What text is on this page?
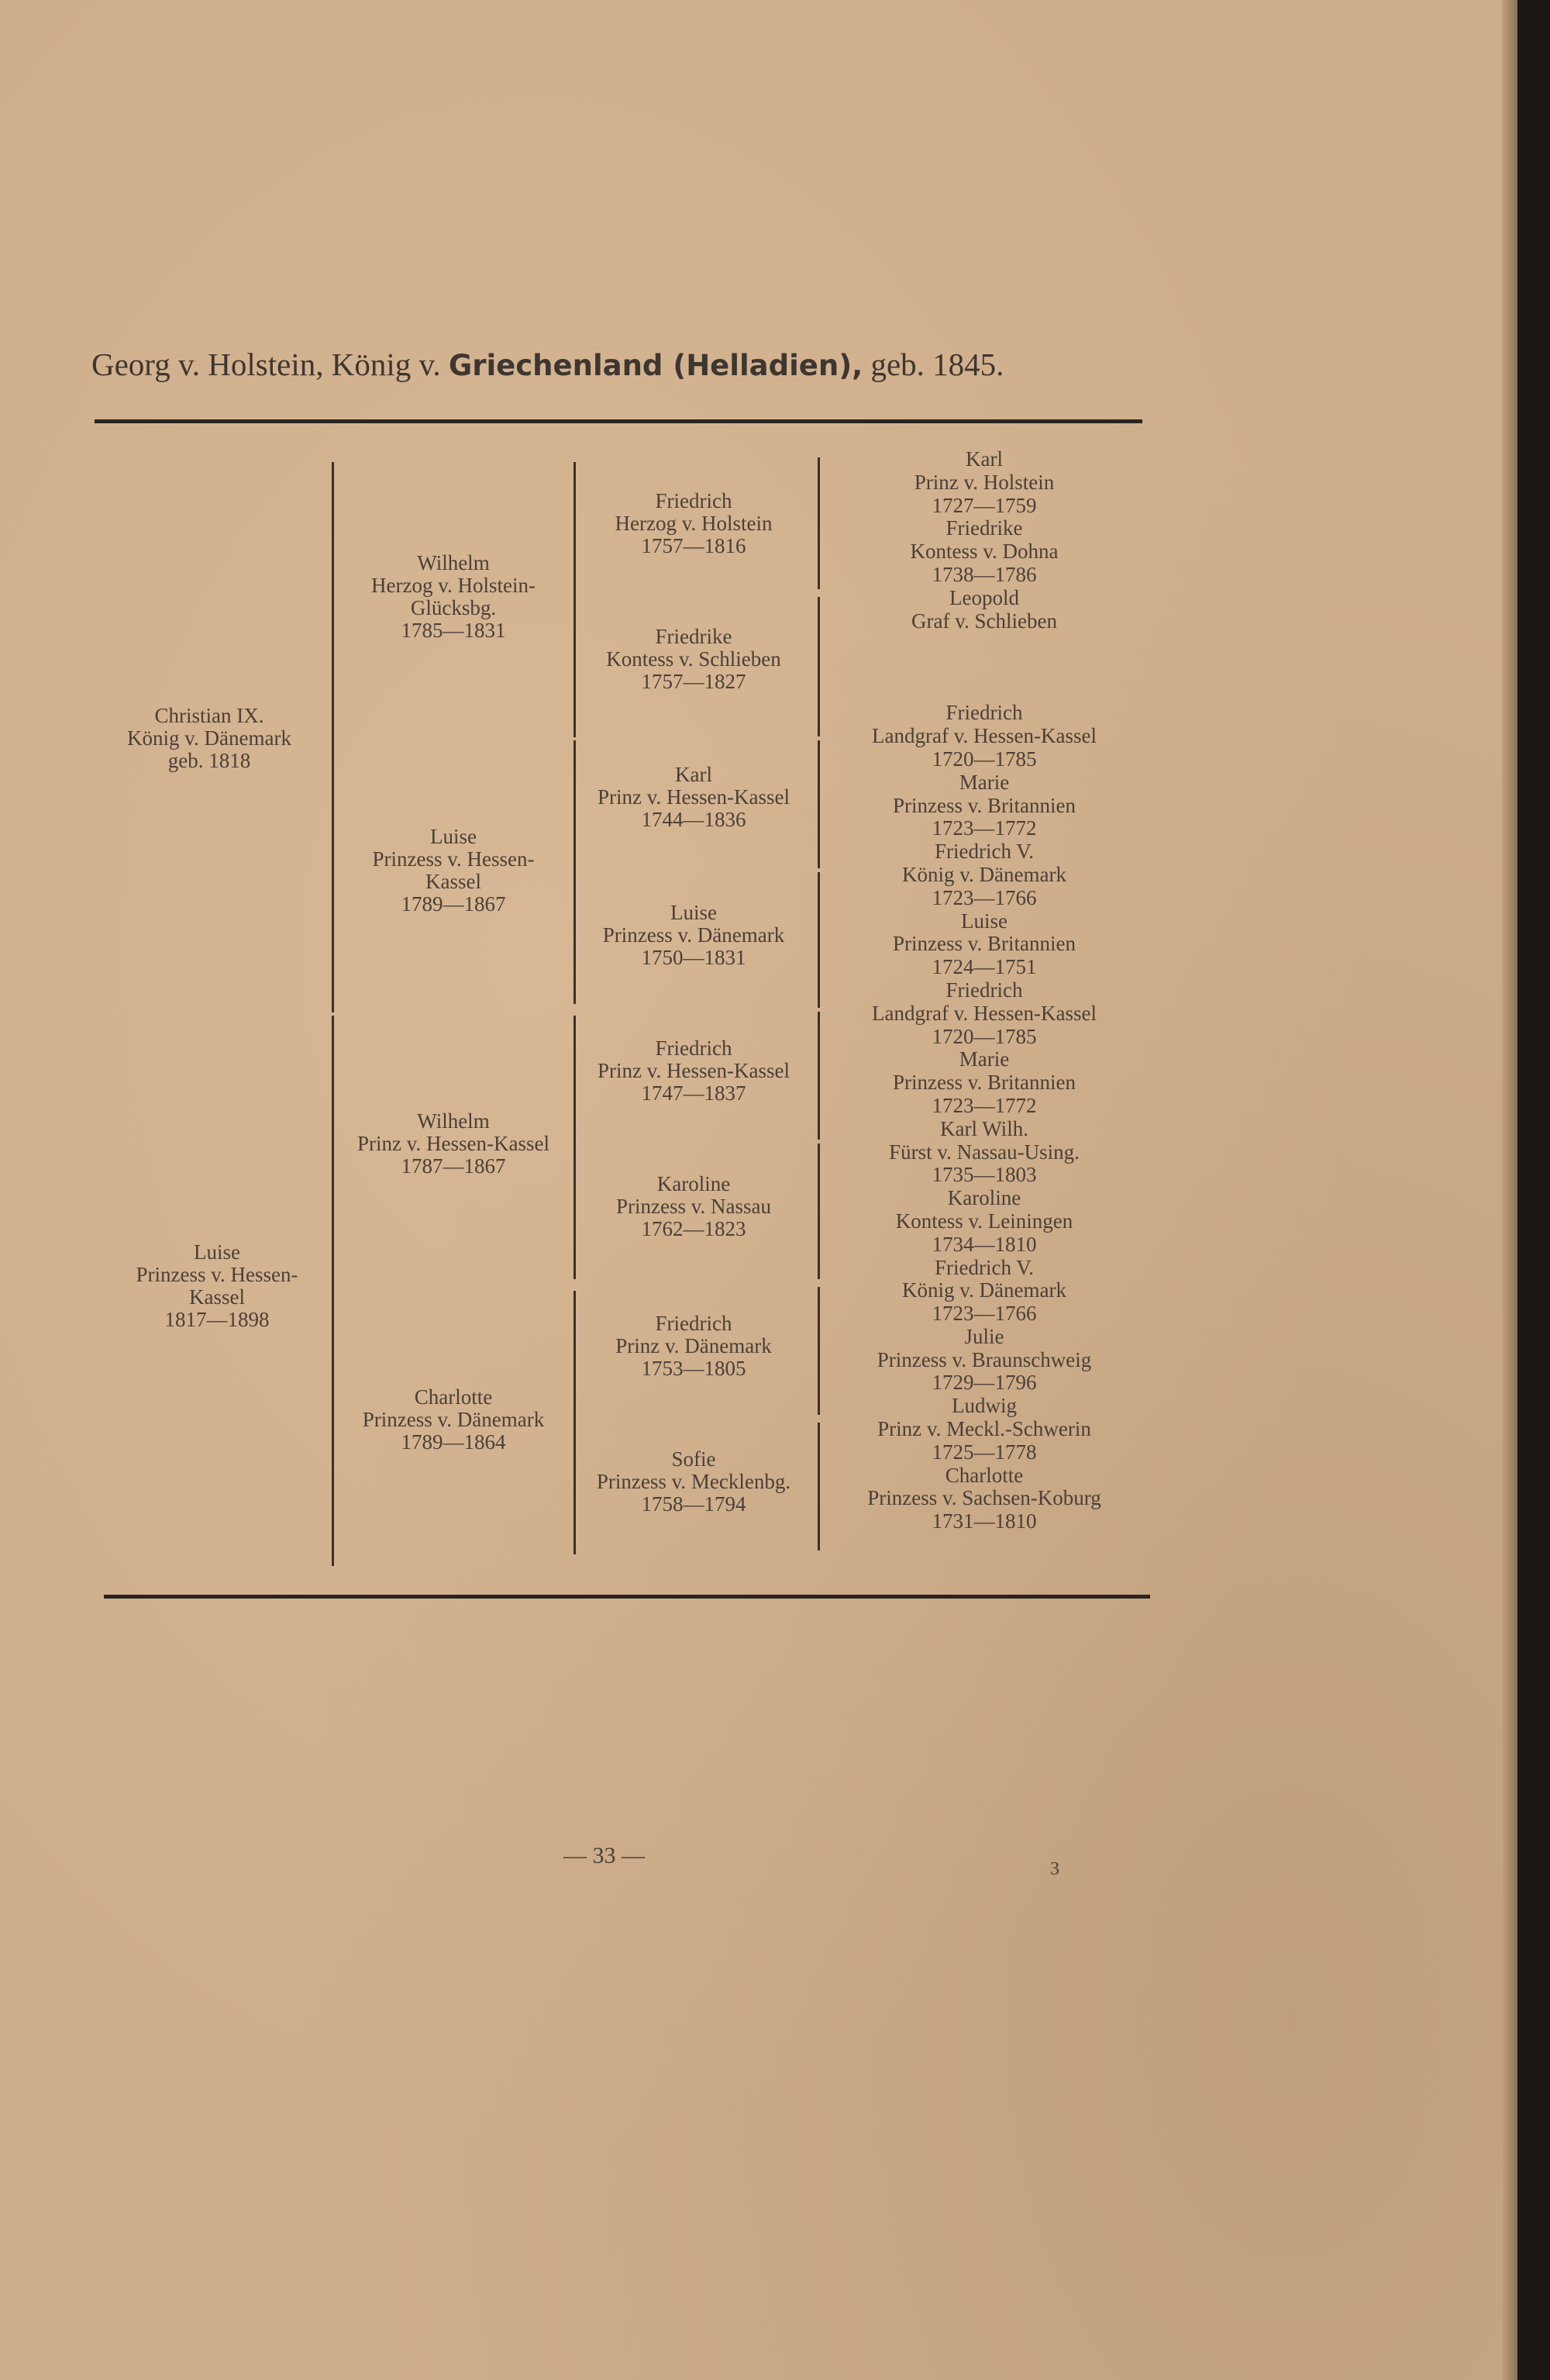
Georg v. Holstein, König v. Griechenland (Helladien), geb. 1845.
Christian IX.
König v. Dänemark
geb. 1818
Luise
Prinzess v. Hessen-
Kassel
1817—1898
Wilhelm
Herzog v. Holstein-
Glücksbg.
1785—1831
Luise
Prinzess v. Hessen-
Kassel
1789—1867
Wilhelm
Prinz v. Hessen-Kassel
1787—1867
Charlotte
Prinzess v. Dänemark
1789—1864
Friedrich
Herzog v. Holstein
1757—1816
Friedrike
Kontess v. Schlieben
1757—1827
Karl
Prinz v. Hessen-Kassel
1744—1836
Luise
Prinzess v. Dänemark
1750—1831
Friedrich
Prinz v. Hessen-Kassel
1747—1837
Karoline
Prinzess v. Nassau
1762—1823
Friedrich
Prinz v. Dänemark
1753—1805
Sofie
Prinzess v. Mecklenbg.
1758—1794
Karl
Prinz v. Holstein
1727—1759
Friedrike
Kontess v. Dohna
1738—1786
Leopold
Graf v. Schlieben
Friedrich
Landgraf v. Hessen-Kassel
1720—1785
Marie
Prinzess v. Britannien
1723—1772
Friedrich V.
König v. Dänemark
1723—1766
Luise
Prinzess v. Britannien
1724—1751
Friedrich
Landgraf v. Hessen-Kassel
1720—1785
Marie
Prinzess v. Britannien
1723—1772
Karl Wilh.
Fürst v. Nassau-Using.
1735—1803
Karoline
Kontess v. Leiningen
1734—1810
Friedrich V.
König v. Dänemark
1723—1766
Julie
Prinzess v. Braunschweig
1729—1796
Ludwig
Prinz v. Meckl.-Schwerin
1725—1778
Charlotte
Prinzess v. Sachsen-Koburg
1731—1810
— 33 —
3
